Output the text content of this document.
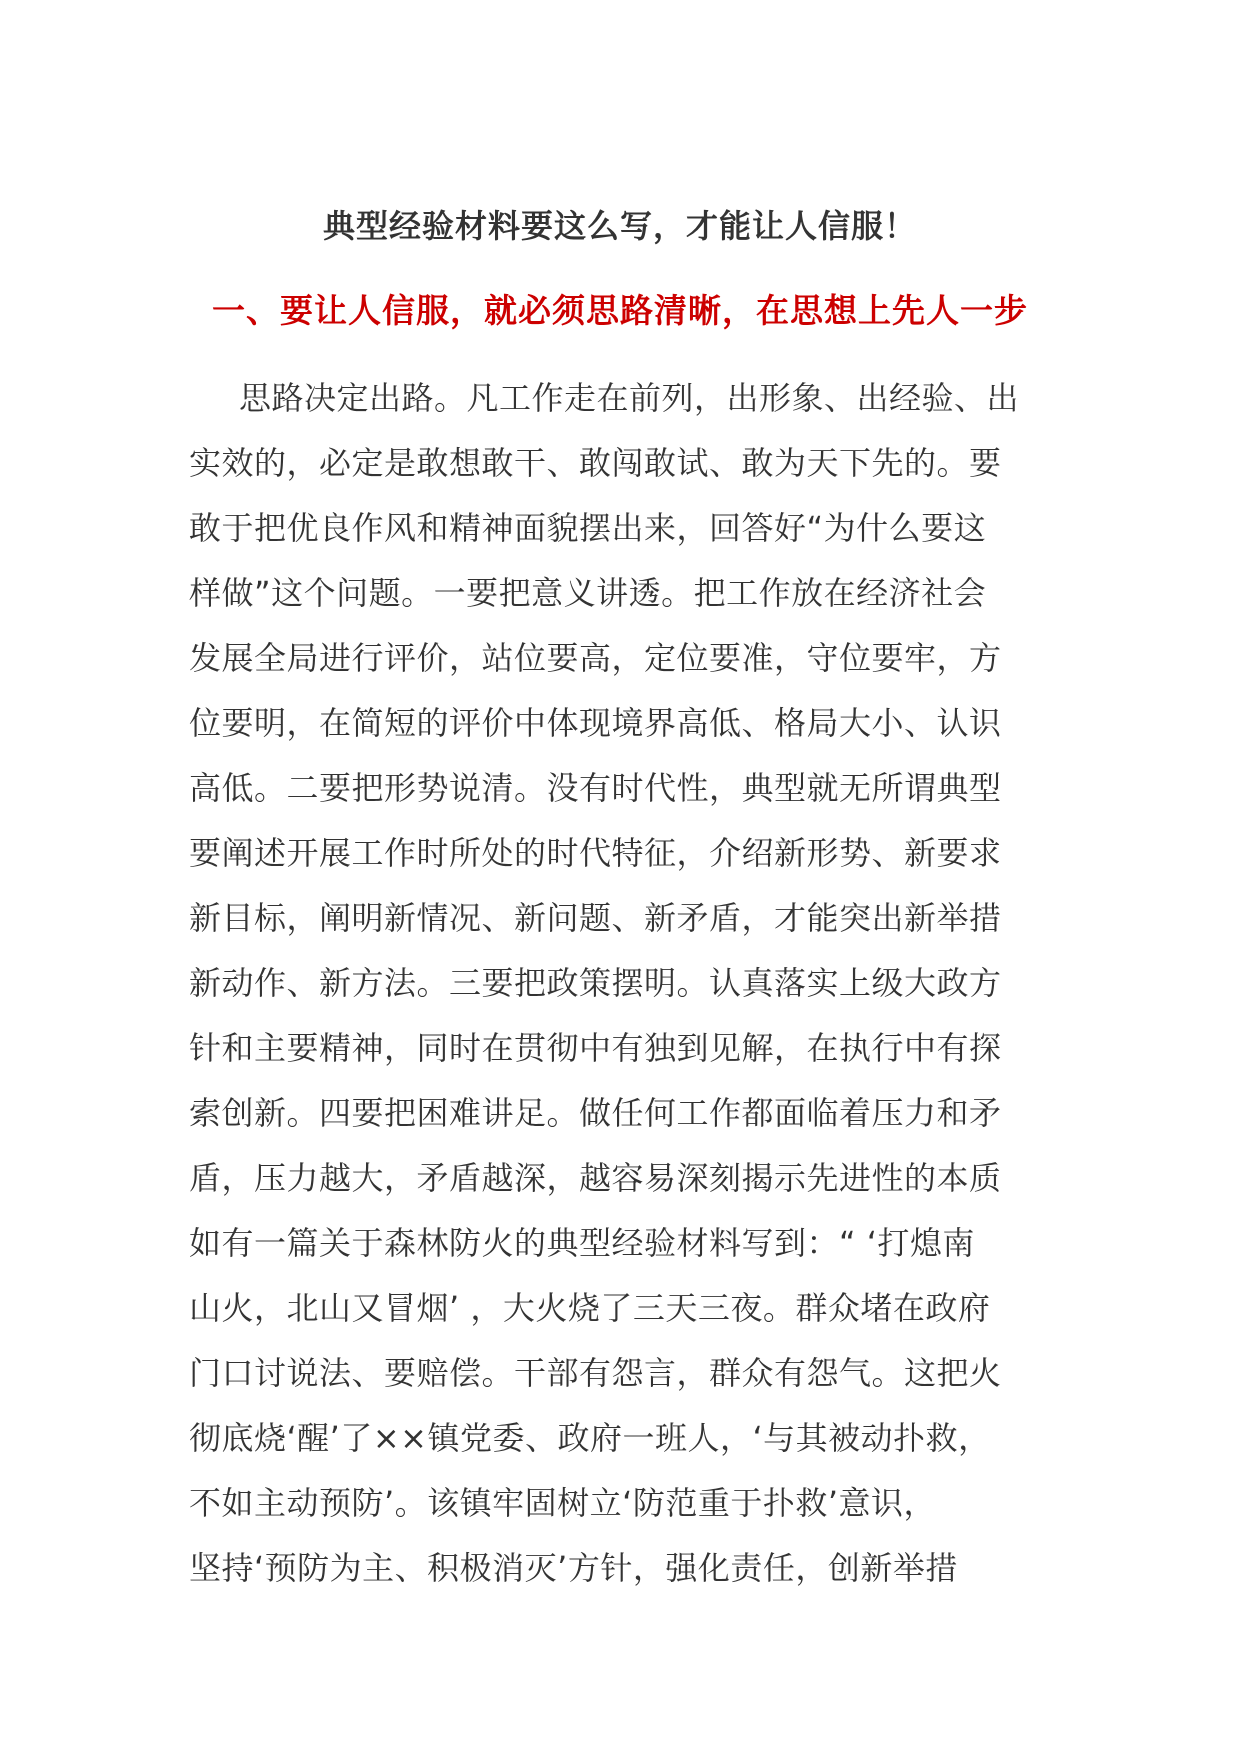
典型经验材料要这么写，才能让人信服！
一、要让人信服，就必须思路清晰，在思想上先人一步
思路决定出路。凡工作走在前列，出形象、出经验、出
实效的，必定是敢想敢干、敢闯敢试、敢为天下先的。要
敢于把优良作风和精神面貌摆出来，回答好“为什么要这
样做”这个问题。一要把意义讲透。把工作放在经济社会
发展全局进行评价，站位要高，定位要准，守位要牢，方
位要明，在简短的评价中体现境界高低、格局大小、认识
高低。二要把形势说清。没有时代性，典型就无所谓典型
要阐述开展工作时所处的时代特征，介绍新形势、新要求
新目标，阐明新情况、新问题、新矛盾，才能突出新举措
新动作、新方法。三要把政策摆明。认真落实上级大政方
针和主要精神，同时在贯彻中有独到见解，在执行中有探
索创新。四要把困难讲足。做任何工作都面临着压力和矛
盾，压力越大，矛盾越深，越容易深刻揭示先进性的本质
如有一篇关于森林防火的典型经验材料写到：“ ‘打熄南
山火，北山又冒烟’ ，大火烧了三天三夜。群众堵在政府
门口讨说法、要赔偿。干部有怨言，群众有怨气。这把火
彻底烧‘醒’了××镇党委、政府一班人，‘与其被动扑救，
不如主动预防’。该镇牢固树立‘防范重于扑救’意识，
坚持‘预防为主、积极消灭’方针，强化责任，创新举措
